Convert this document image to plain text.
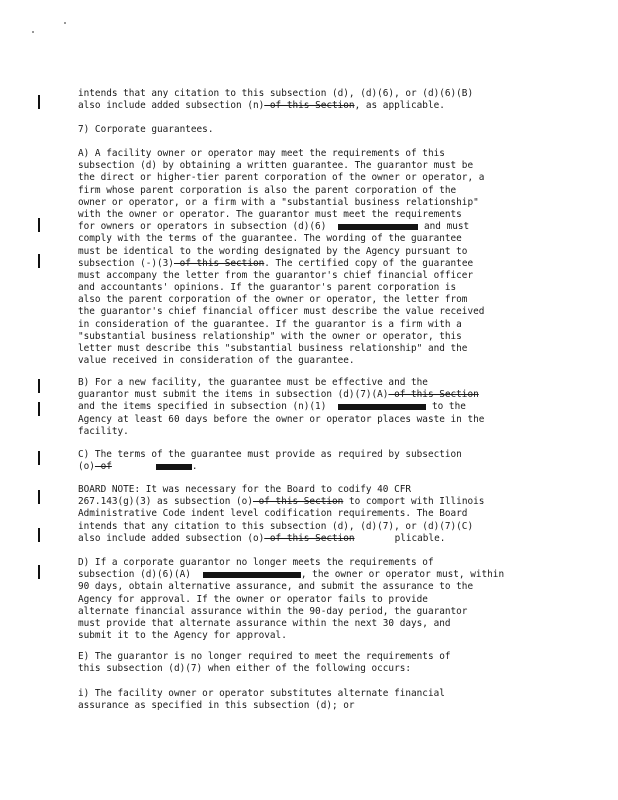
intends that any citation to this subsection (d), (d)(6), or (d)(6)(B)
also include added subsection (n) of this Section, as applicable.
7) Corporate guarantees.
A) A facility owner or operator may meet the requirements of this
subsection (d) by obtaining a written guarantee. The guarantor must be
the direct or higher-tier parent corporation of the owner or operator, a
firm whose parent corporation is also the parent corporation of the
owner or operator, or a firm with a "substantial business relationship"
with the owner or operator. The guarantor must meet the requirements
for owners or operators in subsection (d)(6)	and must
comply with the terms of the guarantee. The wording of the guarantee
must be identical to the wording designated by the Agency pursuant to
subsection (-)(3) of this Section. The certified copy of the guarantee
must accompany the letter from the guarantor's chief financial officer
and accountants' opinions. If the guarantor's parent corporation is
also the parent corporation of the owner or operator, the letter from
the guarantor's chief financial officer must describe the value received
in consideration of the guarantee. If the guarantor is a firm with a
"substantial business relationship" with the owner or operator, this
letter must describe this "substantial business relationship" and the
value received in consideration of the guarantee.
B) For a new facility, the guarantee must be effective and the
guarantor must submit the items in subsection (d)(7)(A) of this Section
and the items specified in subsection (n)(1)	to the
Agency at least 60 days before the owner or operator places waste in the
facility.
C) The terms of the guarantee must provide as required by subsection
(o) of	.
BOARD NOTE: It was necessary for the Board to codify 40 CFR
267.143(g)(3) as subsection (o) of this Section to comport with Illinois
Administrative Code indent level codification requirements. The Board
intends that any citation to this subsection (d), (d)(7), or (d)(7)(C)
also include added subsection (o) of this Section	plicable.
D) If a corporate guarantor no longer meets the requirements of
subsection (d)(6)(A)	, the owner or operator must, within
90 days, obtain alternative assurance, and submit the assurance to the
Agency for approval. If the owner or operator fails to provide
alternate financial assurance within the 90-day period, the guarantor
must provide that alternate assurance within the next 30 days, and
submit it to the Agency for approval.
E) The guarantor is no longer required to meet the requirements of
this subsection (d)(7) when either of the following occurs:
i) The facility owner or operator substitutes alternate financial
assurance as specified in this subsection (d); or
